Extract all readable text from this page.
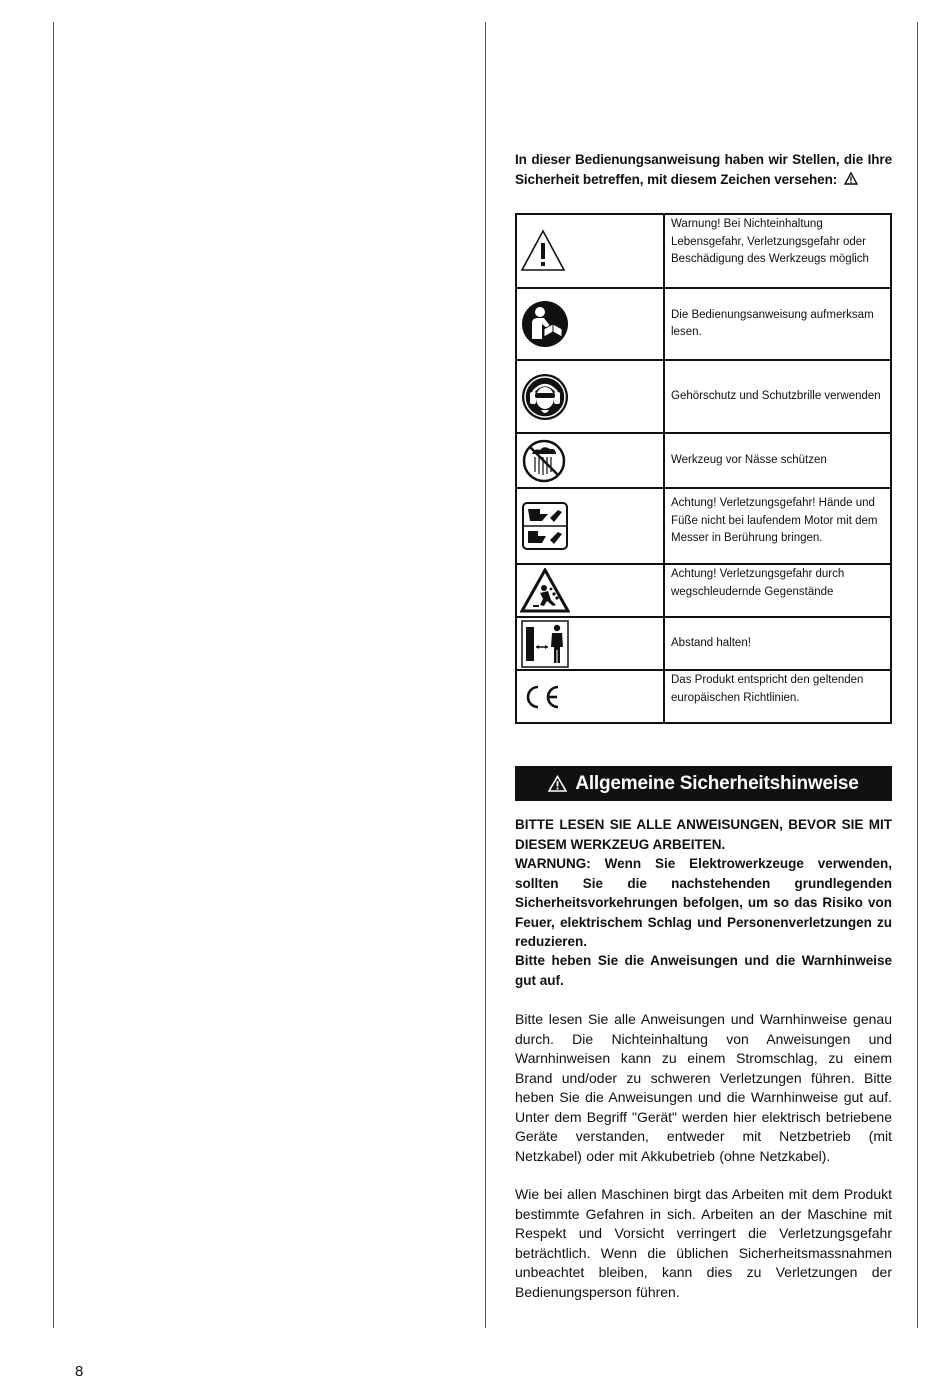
In dieser Bedienungsanweisung haben wir Stellen, die Ihre Sicherheit betreffen, mit diesem Zeichen versehen:
	Warnung! Bei Nichteinhaltung Lebensgefahr, Verletzungsgefahr oder Beschädigung des Werkzeugs möglich

	Die Bedienungsanweisung aufmerksam lesen.

	Gehörschutz und Schutzbrille verwenden

	Werkzeug vor Nässe schützen

	Achtung! Verletzungsgefahr! Hände und Füße nicht bei laufendem Motor mit dem Messer in Berührung bringen.

	Achtung! Verletzungsgefahr durch wegschleudernde Gegenstände

	Abstand halten!

	Das Produkt entspricht den geltenden europäischen Richtlinien.
Allgemeine Sicherheitshinweise

BITTE LESEN SIE ALLE ANWEISUNGEN, BEVOR SIE MIT DIESEM WERKZEUG ARBEITEN.

WARNUNG: Wenn Sie Elektrowerkzeuge verwenden, sollten Sie die nachstehenden grundlegenden Sicherheitsvorkehrungen befolgen, um so das Risiko von Feuer, elektrischem Schlag und Personenverletzungen zu reduzieren.

Bitte heben Sie die Anweisungen und die Warnhinweise gut auf.
Bitte lesen Sie alle Anweisungen und Warnhinweise genau durch. Die Nichteinhaltung von Anweisungen und Warnhinweisen kann zu einem Stromschlag, zu einem Brand und/oder zu schweren Verletzungen führen. Bitte heben Sie die Anweisungen und die Warnhinweise gut auf. Unter dem Begriff "Gerät" werden hier elektrisch betriebene Geräte verstanden, entweder mit Netzbetrieb (mit Netzkabel) oder mit Akkubetrieb (ohne Netzkabel).
Wie bei allen Maschinen birgt das Arbeiten mit dem Produkt bestimmte Gefahren in sich. Arbeiten an der Maschine mit Respekt und Vorsicht verringert die Verletzungsgefahr beträchtlich. Wenn die üblichen Sicherheitsmassnahmen unbeachtet bleiben, kann dies zu Verletzungen der Bedienungsperson führen.
8
